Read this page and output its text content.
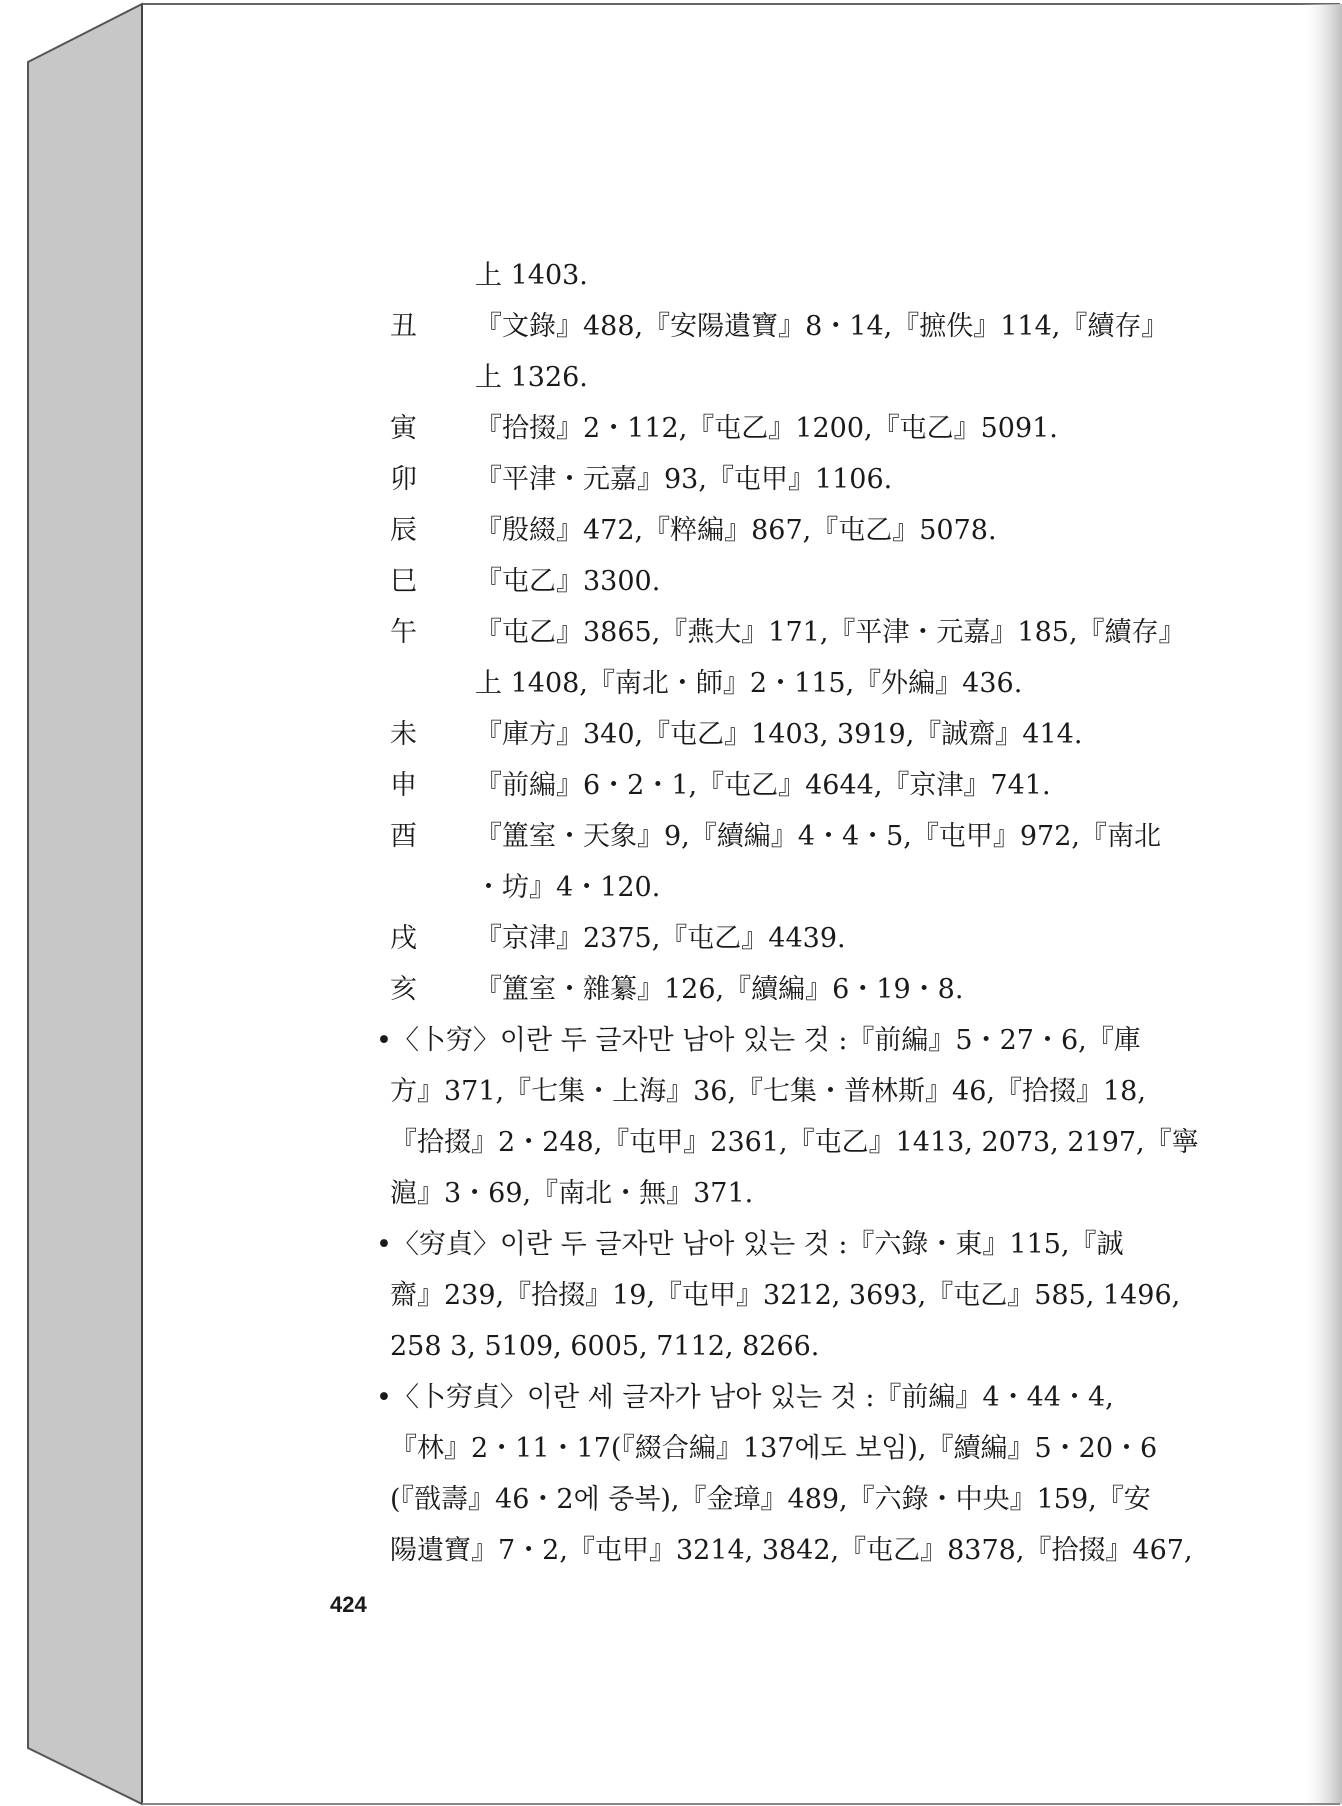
上 1403.
丑	『文錄』488,『安陽遺寶』8・14,『摭佚』114,『續存』
上 1326.
寅	『拾掇』2・112,『屯乙』1200,『屯乙』5091.
卯	『平津・元嘉』93,『屯甲』1106.
辰	『殷綴』472,『粹編』867,『屯乙』5078.
巳	『屯乙』3300.
午	『屯乙』3865,『燕大』171,『平津・元嘉』185,『續存』
上 1408,『南北・師』2・115,『外編』436.
未	『庫方』340,『屯乙』1403, 3919,『誠齋』414.
申	『前編』6・2・1,『屯乙』4644,『京津』741.
酉	『簠室・天象』9,『續編』4・4・5,『屯甲』972,『南北
・坊』4・120.
戌	『京津』2375,『屯乙』4439.
亥	『簠室・雜纂』126,『續編』6・19・8.
•〈卜穷〉이란 두 글자만 남아 있는 것 :『前編』5・27・6,『庫
方』371,『七集・上海』36,『七集・普林斯』46,『拾掇』18,
『拾掇』2・248,『屯甲』2361,『屯乙』1413, 2073, 2197,『寧
滬』3・69,『南北・無』371.
•〈穷貞〉이란 두 글자만 남아 있는 것 :『六錄・東』115,『誠
齋』239,『拾掇』19,『屯甲』3212, 3693,『屯乙』585, 1496,
258 3, 5109, 6005, 7112, 8266.
•〈卜穷貞〉이란 세 글자가 남아 있는 것 :『前編』4・44・4,
『林』2・11・17(『綴合編』137에도 보임),『續編』5・20・6
(『戩壽』46・2에 중복),『金璋』489,『六錄・中央』159,『安
陽遺寶』7・2,『屯甲』3214, 3842,『屯乙』8378,『拾掇』467,
424
